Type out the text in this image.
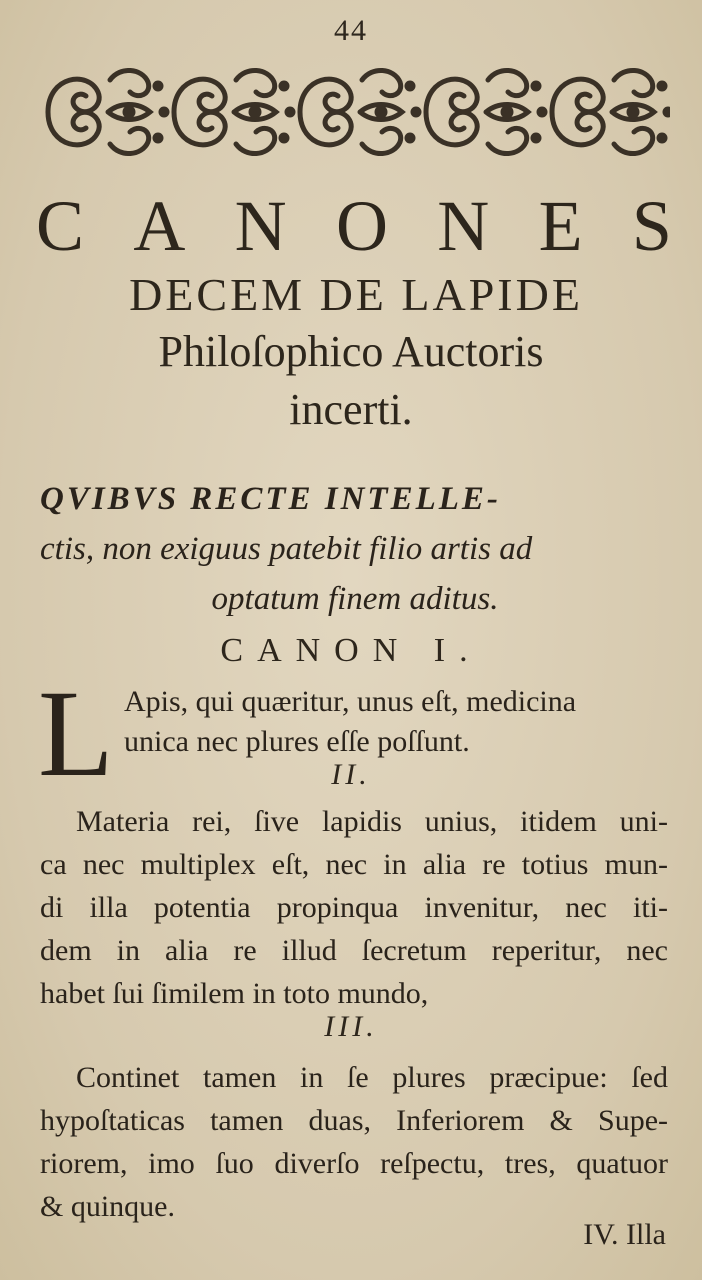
44
C A N O N E S
DECEM DE LAPIDE
Philoſophico Auctoris
incerti.
QVIBVS RECTE INTELLE-
ctis, non exiguus patebit filio artis ad
optatum finem aditus.
CANON I.
L Apis, qui quæritur, unus eſt, medicina
unica nec plures eſſe poſſunt.
II.
Materia rei, ſive lapidis unius, itidem uni-
ca nec multiplex eſt, nec in alia re totius mun-
di illa potentia propinqua invenitur, nec iti-
dem in alia re illud ſecretum reperitur, nec
habet ſui ſimilem in toto mundo,
III.
Continet tamen in ſe plures præcipue: ſed
hypoſtaticas tamen duas, Inferiorem & Supe-
riorem, imo ſuo diverſo reſpectu, tres, quatuor
& quinque.
IV. Illa
